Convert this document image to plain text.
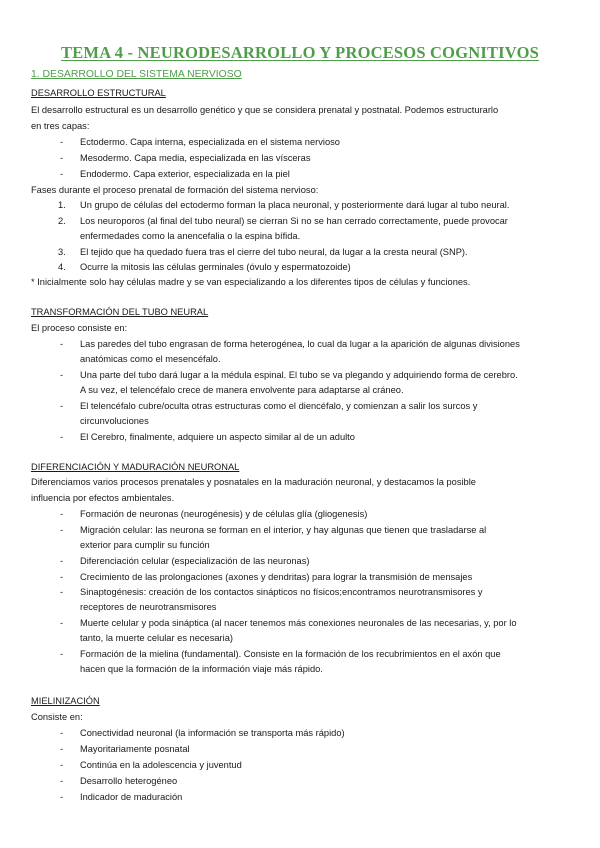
TEMA 4 - NEURODESARROLLO Y PROCESOS COGNITIVOS
1. DESARROLLO DEL SISTEMA NERVIOSO
DESARROLLO ESTRUCTURAL
El desarrollo estructural es un desarrollo genético y que se considera prenatal y postnatal. Podemos estructurarlo
en tres capas:
- Ectodermo. Capa interna, especializada en el sistema nervioso
- Mesodermo. Capa media, especializada en las vísceras
- Endodermo. Capa exterior, especializada en la piel
Fases durante el proceso prenatal de formación del sistema nervioso:
1. Un grupo de células del ectodermo forman la placa neuronal, y posteriormente dará lugar al tubo neural.
2. Los neuroporos (al final del tubo neural) se cierran Si no se han cerrado correctamente, puede provocar
enfermedades como la anencefalia o la espina bífida.
3. El tejido que ha quedado fuera tras el cierre del tubo neural, da lugar a la cresta neural (SNP).
4. Ocurre la mitosis las células germinales (óvulo y espermatozoide)
* Inicialmente solo hay células madre y se van especializando a los diferentes tipos de células y funciones.
TRANSFORMACIÓN DEL TUBO NEURAL
El proceso consiste en:
- Las paredes del tubo engrasan de forma heterogénea, lo cual da lugar a la aparición de algunas divisiones
anatómicas como el mesencéfalo.
- Una parte del tubo dará lugar a la médula espinal. El tubo se va plegando y adquiriendo forma de cerebro.
A su vez, el telencéfalo crece de manera envolvente para adaptarse al cráneo.
- El telencéfalo cubre/oculta otras estructuras como el diencéfalo, y comienzan a salir los surcos y
circunvoluciones
- El Cerebro, finalmente, adquiere un aspecto similar al de un adulto
DIFERENCIACIÓN Y MADURACIÓN NEURONAL
Diferenciamos varios procesos prenatales y posnatales en la maduración neuronal, y destacamos la posible
influencia por efectos ambientales.
- Formación de neuronas (neurogénesis) y de células glía (gliogenesis)
- Migración celular: las neurona se forman en el interior, y hay algunas que tienen que trasladarse al
exterior para cumplir su función
- Diferenciación celular (especialización de las neuronas)
- Crecimiento de las prolongaciones (axones y dendritas) para lograr la transmisión de mensajes
- Sinaptogénesis: creación de los contactos sinápticos no físicos;encontramos neurotransmisores y
receptores de neurotransmisores
- Muerte celular y poda sináptica (al nacer tenemos más conexiones neuronales de las necesarias, y, por lo
tanto, la muerte celular es necesaria)
- Formación de la mielina (fundamental). Consiste en la formación de los recubrimientos en el axón que
hacen que la formación de la información viaje más rápido.
MIELINIZACIÓN
Consiste en:
- Conectividad neuronal (la información se transporta más rápido)
- Mayoritariamente posnatal
- Continúa en la adolescencia y juventud
- Desarrollo heterogéneo
- Indicador de maduración
